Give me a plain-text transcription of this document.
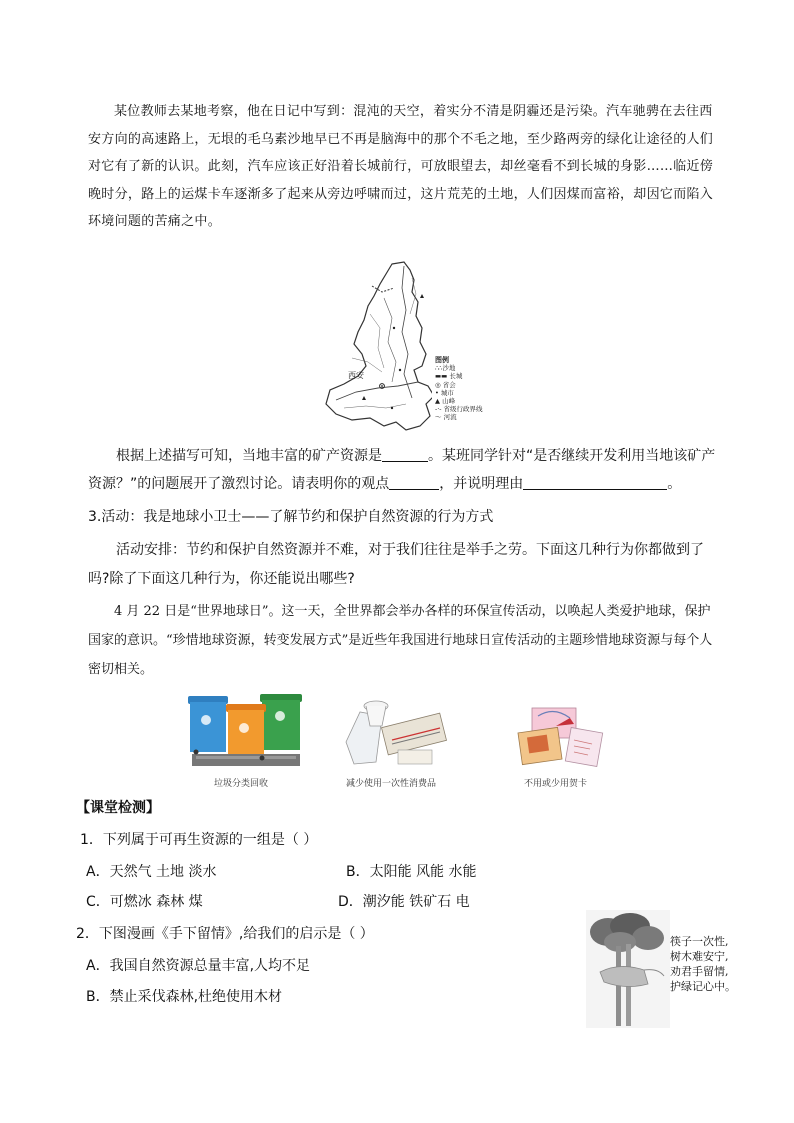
某位教师去某地考察，他在日记中写到：混沌的天空，着实分不清是阴霾还是污染。汽车驰骋在去往西安方向的高速路上，无垠的毛乌素沙地早已不再是脑海中的那个不毛之地，至少路两旁的绿化让途径的人们对它有了新的认识。此刻，汽车应该正好沿着长城前行，可放眼望去，却丝毫看不到长城的身影……临近傍晚时分，路上的运煤卡车逐渐多了起来从旁边呼啸而过，这片荒芜的土地，人们因煤而富裕，却因它而陷入环境问题的苦痛之中。

西安
图例
∴∴ 沙地
▬▬ 长城
◎ 省会
• 城市
▲ 山峰
-·- 省级行政界线
～ 河流

根据上述描写可知，当地丰富的矿产资源是	。某班同学针对“是否继续开发利用当地该矿产资源？”的问题展开了激烈讨论。请表明你的观点	，并说明理由	。

3.活动：我是地球小卫士——了解节约和保护自然资源的行为方式

活动安排：节约和保护自然资源并不难，对于我们往往是举手之劳。下面这几种行为你都做到了吗?除了下面这几种行为，你还能说出哪些?

4 月 22 日是“世界地球日”。这一天，全世界都会举办各样的环保宣传活动，以唤起人类爱护地球，保护国家的意识。“珍惜地球资源，转变发展方式”是近些年我国进行地球日宣传活动的主题珍惜地球资源与每个人密切相关。

垃圾分类回收	减少使用一次性消费品	不用或少用贺卡
【课堂检测】
1．下列属于可再生资源的一组是（ ）
A．天然气 土地 淡水	B．太阳能 风能 水能
C．可燃冰 森林 煤	D．潮汐能 铁矿石 电
2．下图漫画《手下留情》,给我们的启示是（ ）
A．我国自然资源总量丰富,人均不足
B．禁止采伐森林,杜绝使用木材
筷子一次性,
树木难安宁,
劝君手留情,
护绿记心中。
